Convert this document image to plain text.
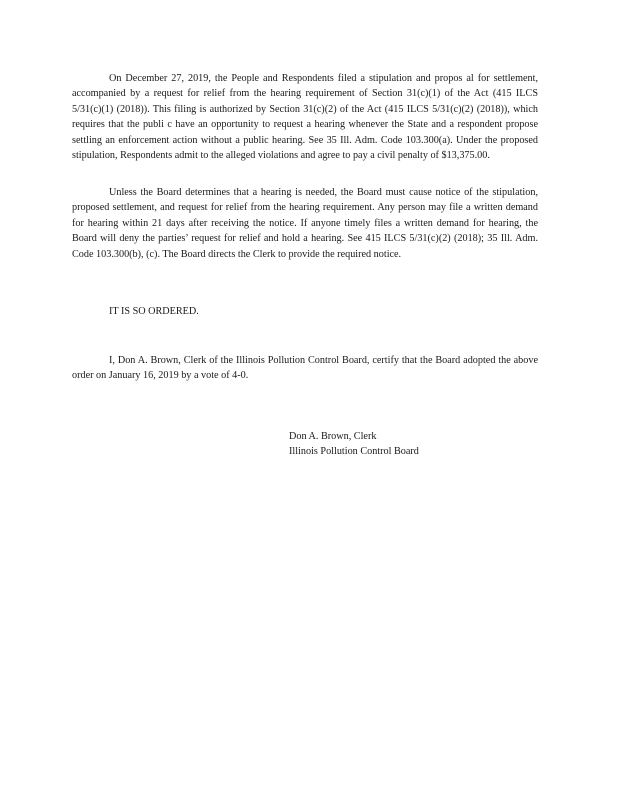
On December 27, 2019, the People and Respondents filed a stipulation and propos al for settlement, accompanied by a request for relief from the hearing requirement of Section 31(c)(1) of the Act (415 ILCS 5/31(c)(1) (2018)). This filing is authorized by Section 31(c)(2) of the Act (415 ILCS 5/31(c)(2) (2018)), which requires that the publi c have an opportunity to request a hearing whenever the State and a respondent propose settling an enforcement action without a public hearing. See 35 Ill. Adm. Code 103.300(a). Under the proposed stipulation, Respondents admit to the alleged violations and agree to pay a civil penalty of $13,375.00.

Unless the Board determines that a hearing is needed, the Board must cause notice of the stipulation, proposed settlement, and request for relief from the hearing requirement. Any person may file a written demand for hearing within 21 days after receiving the notice. If anyone timely files a written demand for hearing, the Board will deny the parties’ request for relief and hold a hearing. See 415 ILCS 5/31(c)(2) (2018); 35 Ill. Adm. Code 103.300(b), (c). The Board directs the Clerk to provide the required notice.

IT IS SO ORDERED.

I, Don A. Brown, Clerk of the Illinois Pollution Control Board, certify that the Board adopted the above order on January 16, 2019 by a vote of 4-0.

Don A. Brown, Clerk
Illinois Pollution Control Board
